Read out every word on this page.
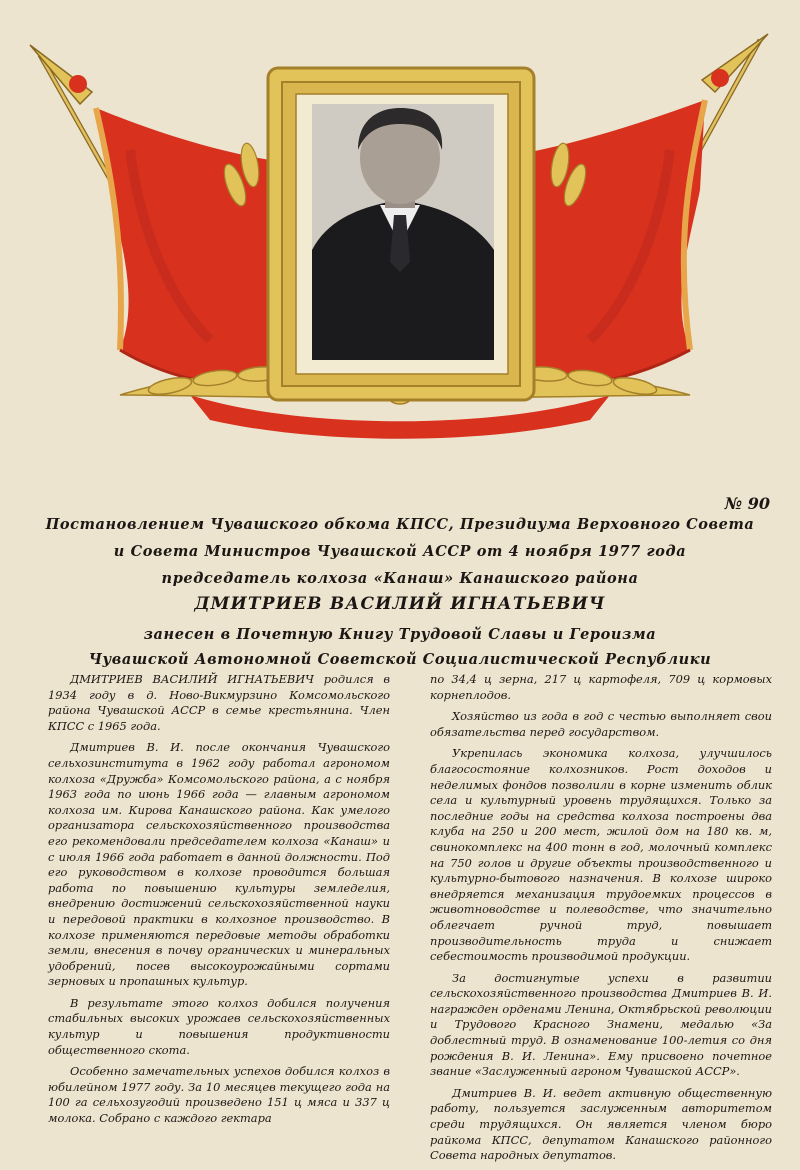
№ 90
Постановлением Чувашского обкома КПСС, Президиума Верховного Совета
и Совета Министров Чувашской АССР от 4 ноября 1977 года
председатель колхоза «Канаш» Канашского района
ДМИТРИЕВ ВАСИЛИЙ ИГНАТЬЕВИЧ
занесен в Почетную Книгу Трудовой Славы и Героизма
Чувашской Автономной Советской Социалистической Республики

ДМИТРИЕВ ВАСИЛИЙ ИГНАТЬЕВИЧ родился в 1934 году в д. Ново-Викмурзино Комсомольского района Чувашской АССР в семье крестьянина. Член КПСС с 1965 года.

Дмитриев В. И. после окончания Чувашского сельхозинститута в 1962 году работал агрономом колхоза «Дружба» Комсомольского района, а с ноября 1963 года по июнь 1966 года — главным агрономом колхоза им. Кирова Канашского района. Как умелого организатора сельскохозяйственного производства его рекомендовали председателем колхоза «Канаш» и с июля 1966 года работает в данной должности. Под его руководством в колхозе проводится большая работа по повышению культуры земледелия, внедрению достижений сельскохозяйственной науки и передовой практики в колхозное производство. В колхозе применяются передовые методы обработки земли, внесения в почву органических и минеральных удобрений, посев высокоурожайными сортами зерновых и пропашных культур.

В результате этого колхоз добился получения стабильных высоких урожаев сельскохозяйственных культур и повышения продуктивности общественного скота.

Особенно замечательных успехов добился колхоз в юбилейном 1977 году. За 10 месяцев текущего года на 100 га сельхозугодий произведено 151 ц мяса и 337 ц молока. Собрано с каждого гектара

по 34,4 ц зерна, 217 ц картофеля, 709 ц кормовых корнеплодов.

Хозяйство из года в год с честью выполняет свои обязательства перед государством.

Укрепилась экономика колхоза, улучшилось благосостояние колхозников. Рост доходов и неделимых фондов позволили в корне изменить облик села и культурный уровень трудящихся. Только за последние годы на средства колхоза построены два клуба на 250 и 200 мест, жилой дом на 180 кв. м, свинокомплекс на 400 тонн в год, молочный комплекс на 750 голов и другие объекты производственного и культурно-бытового назначения. В колхозе широко внедряется механизация трудоемких процессов в животноводстве и полеводстве, что значительно облегчает ручной труд, повышает производительность труда и снижает себестоимость производимой продукции.

За достигнутые успехи в развитии сельскохозяйственного производства Дмитриев В. И. награжден орденами Ленина, Октябрьской революции и Трудового Красного Знамени, медалью «За доблестный труд. В ознаменование 100-летия со дня рождения В. И. Ленина». Ему присвоено почетное звание «Заслуженный агроном Чувашской АССР».

Дмитриев В. И. ведет активную общественную работу, пользуется заслуженным авторитетом среди трудящихся. Он является членом бюро райкома КПСС, депутатом Канашского районного Совета народных депутатов.
